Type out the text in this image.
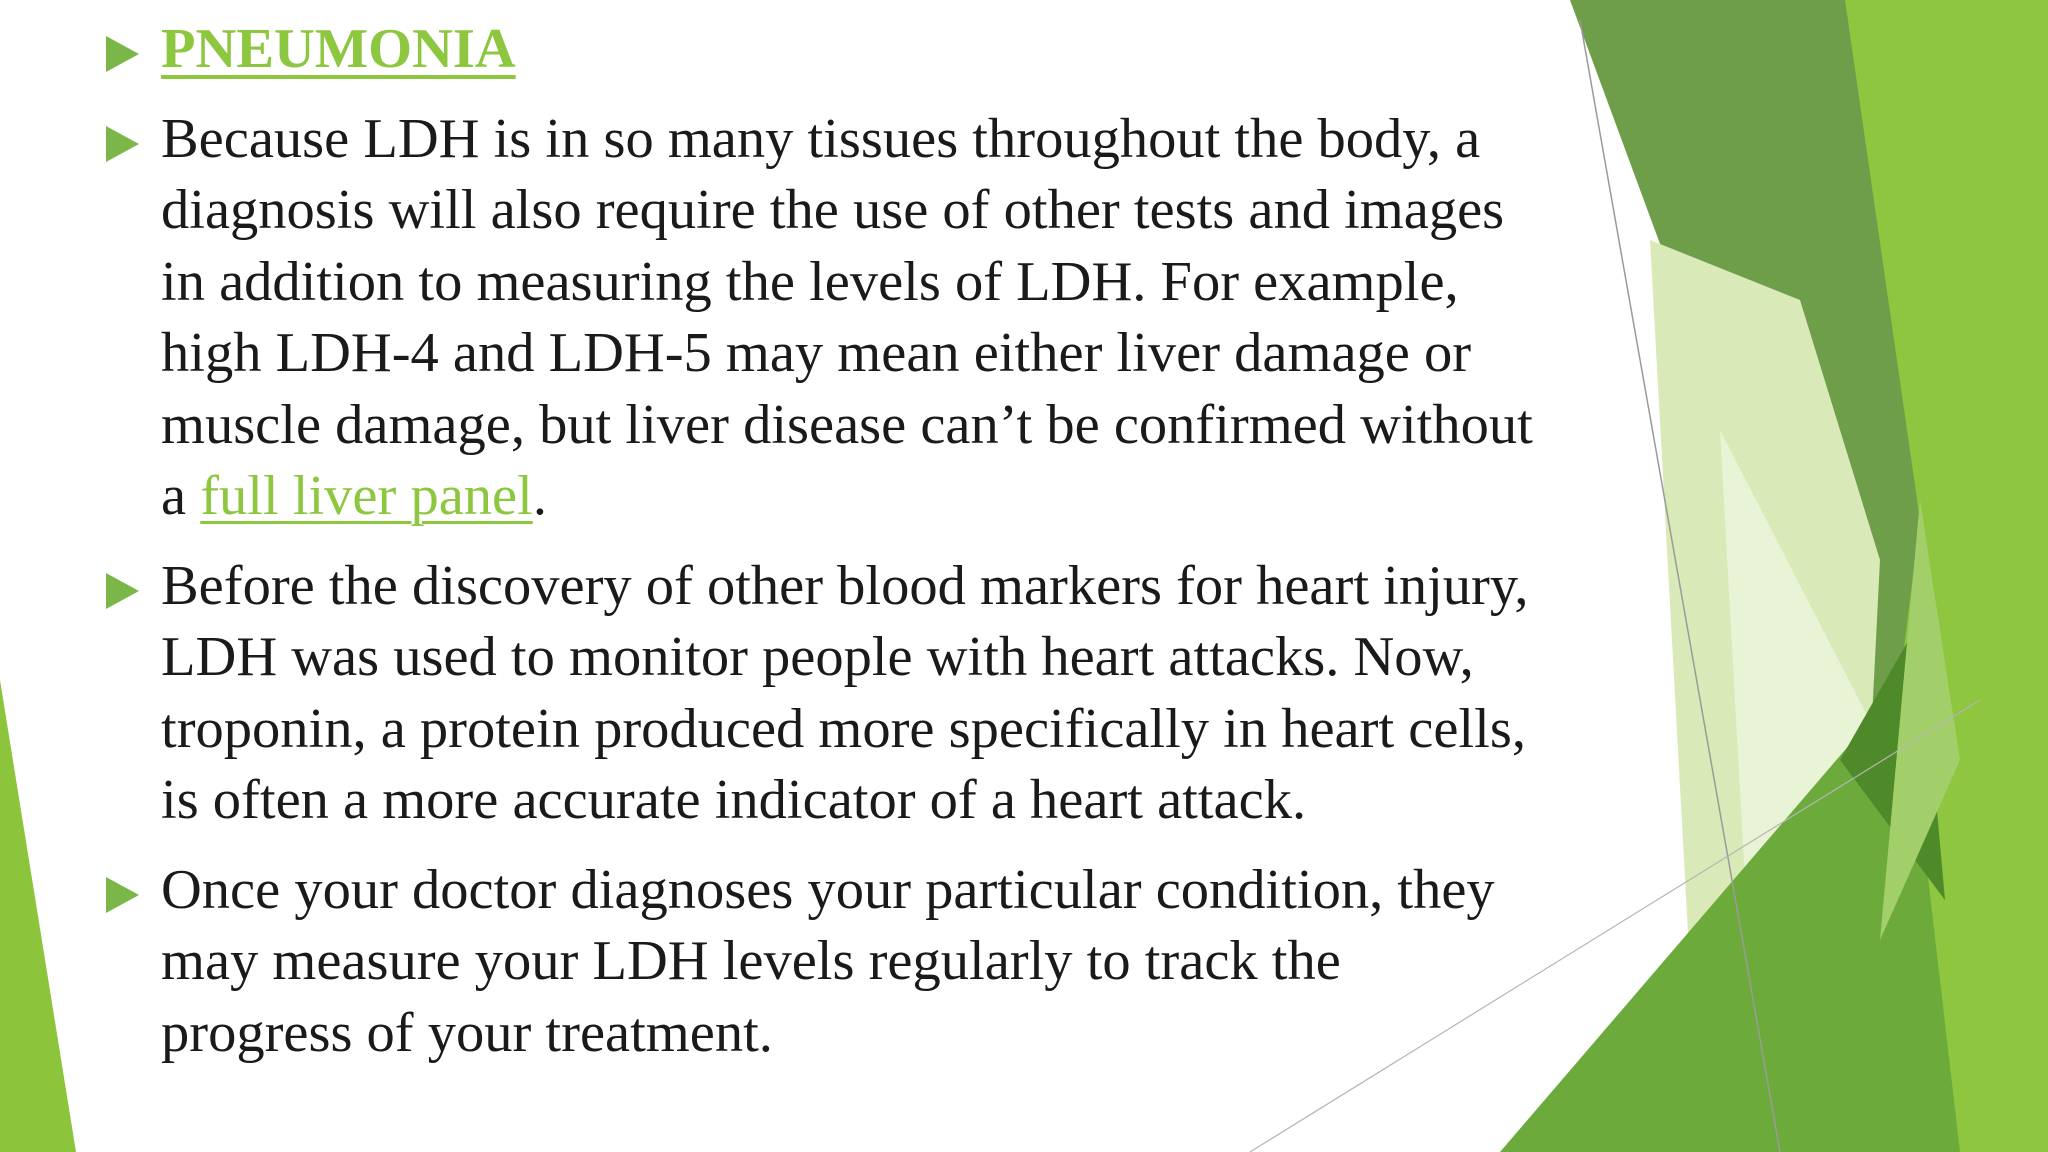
PNEUMONIA
Because LDH is in so many tissues throughout the body, a diagnosis will also require the use of other tests and images in addition to measuring the levels of LDH. For example, high LDH-4 and LDH-5 may mean either liver damage or muscle damage, but liver disease can’t be confirmed without a full liver panel.
Before the discovery of other blood markers for heart injury, LDH was used to monitor people with heart attacks. Now, troponin, a protein produced more specifically in heart cells, is often a more accurate indicator of a heart attack.
Once your doctor diagnoses your particular condition, they may measure your LDH levels regularly to track the progress of your treatment.
